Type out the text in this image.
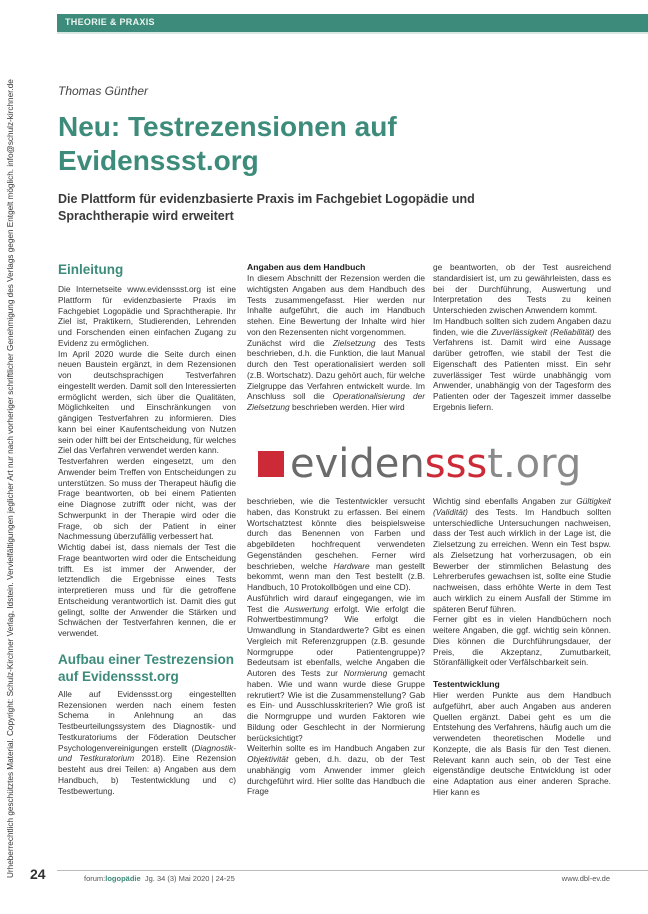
Urheberrechtlich geschütztes Material. Copyright: Schulz-Kirchner Verlag, Idstein. Vervielfältigungen jeglicher Art nur nach vorheriger schriftlicher Genehmigung des Verlags gegen Entgelt möglich. info@schulz-kirchner.de
THEORIE & PRAXIS
Thomas Günther
Neu: Testrezensionen auf Evidenssst.org

Die Plattform für evidenzbasierte Praxis im Fachgebiet Logopädie und Sprachtherapie wird erweitert

Einleitung

Die Internetseite www.evidenssst.org ist eine Plattform für evidenzbasierte Praxis im Fachgebiet Logopädie und Sprachtherapie. Ihr Ziel ist, Praktikern, Studierenden, Lehrenden und Forschenden einen einfachen Zugang zu Evidenz zu ermöglichen.

Im April 2020 wurde die Seite durch einen neuen Baustein ergänzt, in dem Rezensionen von deutschsprachigen Testverfahren eingestellt werden. Damit soll den Interessierten ermöglicht werden, sich über die Qualitäten, Möglichkeiten und Einschränkungen von gängigen Testverfahren zu informieren. Dies kann bei einer Kaufentscheidung von Nutzen sein oder hilft bei der Entscheidung, für welches Ziel das Verfahren verwendet werden kann.

Testverfahren werden eingesetzt, um den Anwender beim Treffen von Entscheidungen zu unterstützen. So muss der Therapeut häufig die Frage beantworten, ob bei einem Patienten eine Diagnose zutrifft oder nicht, was der Schwerpunkt in der Therapie wird oder die Frage, ob sich der Patient in einer Nachmessung überzufällig verbessert hat.

Wichtig dabei ist, dass niemals der Test die Frage beantworten wird oder die Entscheidung trifft. Es ist immer der Anwender, der letztendlich die Ergebnisse eines Tests interpretieren muss und für die getroffene Entscheidung verantwortlich ist. Damit dies gut gelingt, sollte der Anwender die Stärken und Schwächen der Testverfahren kennen, die er verwendet.

Aufbau einer Testrezension auf Evidenssst.org

Alle auf Evidenssst.org eingestellten Rezensionen werden nach einem festen Schema in Anlehnung an das Testbeurteilungssystem des Diagnostik- und Testkuratoriums der Föderation Deutscher Psychologenvereinigungen erstellt (Diagnostik- und Testkuratorium 2018). Eine Rezension besteht aus drei Teilen: a) Angaben aus dem Handbuch, b) Testentwicklung und c) Testbewertung.

Angaben aus dem Handbuch

In diesem Abschnitt der Rezension werden die wichtigsten Angaben aus dem Handbuch des Tests zusammengefasst. Hier werden nur Inhalte aufgeführt, die auch im Handbuch stehen. Eine Bewertung der Inhalte wird hier von den Rezensenten nicht vorgenommen.

Zunächst wird die Zielsetzung des Tests beschrieben, d.h. die Funktion, die laut Manual durch den Test operationalisiert werden soll (z.B. Wortschatz). Dazu gehört auch, für welche Zielgruppe das Verfahren entwickelt wurde. Im Anschluss soll die Operationalisierung der Zielsetzung beschrieben werden. Hier wird

ge beantworten, ob der Test ausreichend standardisiert ist, um zu gewährleisten, dass es bei der Durchführung, Auswertung und Interpretation des Tests zu keinen Unterschieden zwischen Anwendern kommt.

Im Handbuch sollten sich zudem Angaben dazu finden, wie die Zuverlässigkeit (Reliabilität) des Verfahrens ist. Damit wird eine Aussage darüber getroffen, wie stabil der Test die Eigenschaft des Patienten misst. Ein sehr zuverlässiger Test würde unabhängig vom Anwender, unabhängig von der Tagesform des Patienten oder der Tageszeit immer dasselbe Ergebnis liefern.

evidenssst.org

beschrieben, wie die Testentwickler versucht haben, das Konstrukt zu erfassen. Bei einem Wortschatztest könnte dies beispielsweise durch das Benennen von Farben und abgebildeten hochfrequent verwendeten Gegenständen geschehen. Ferner wird beschrieben, welche Hardware man gestellt bekommt, wenn man den Test bestellt (z.B. Handbuch, 10 Protokollbögen und eine CD).

Ausführlich wird darauf eingegangen, wie im Test die Auswertung erfolgt. Wie erfolgt die Rohwertbestimmung? Wie erfolgt die Umwandlung in Standardwerte? Gibt es einen Vergleich mit Referenzgruppen (z.B. gesunde Normgruppe oder Patientengruppe)? Bedeutsam ist ebenfalls, welche Angaben die Autoren des Tests zur Normierung gemacht haben. Wie und wann wurde diese Gruppe rekrutiert? Wie ist die Zusammenstellung? Gab es Ein- und Ausschlusskriterien? Wie groß ist die Normgruppe und wurden Faktoren wie Bildung oder Geschlecht in der Normierung berücksichtigt?

Weiterhin sollte es im Handbuch Angaben zur Objektivität geben, d.h. dazu, ob der Test unabhängig vom Anwender immer gleich durchgeführt wird. Hier sollte das Handbuch die Frage

Wichtig sind ebenfalls Angaben zur Gültigkeit (Validität) des Tests. Im Handbuch sollten unterschiedliche Untersuchungen nachweisen, dass der Test auch wirklich in der Lage ist, die Zielsetzung zu erreichen. Wenn ein Test bspw. als Zielsetzung hat vorherzusagen, ob ein Bewerber der stimmlichen Belastung des Lehrerberufes gewachsen ist, sollte eine Studie nachweisen, dass erhöhte Werte in dem Test auch wirklich zu einem Ausfall der Stimme im späteren Beruf führen.

Ferner gibt es in vielen Handbüchern noch weitere Angaben, die ggf. wichtig sein können. Dies können die Durchführungsdauer, der Preis, die Akzeptanz, Zumutbarkeit, Störanfälligkeit oder Verfälschbarkeit sein.

Testentwicklung

Hier werden Punkte aus dem Handbuch aufgeführt, aber auch Angaben aus anderen Quellen ergänzt. Dabei geht es um die Entstehung des Verfahrens, häufig auch um die verwendeten theoretischen Modelle und Konzepte, die als Basis für den Test dienen. Relevant kann auch sein, ob der Test eine eigenständige deutsche Entwicklung ist oder eine Adaptation aus einer anderen Sprache. Hier kann es

24	forum:logopädie Jg. 34 (3) Mai 2020 | 24-25	www.dbl-ev.de
